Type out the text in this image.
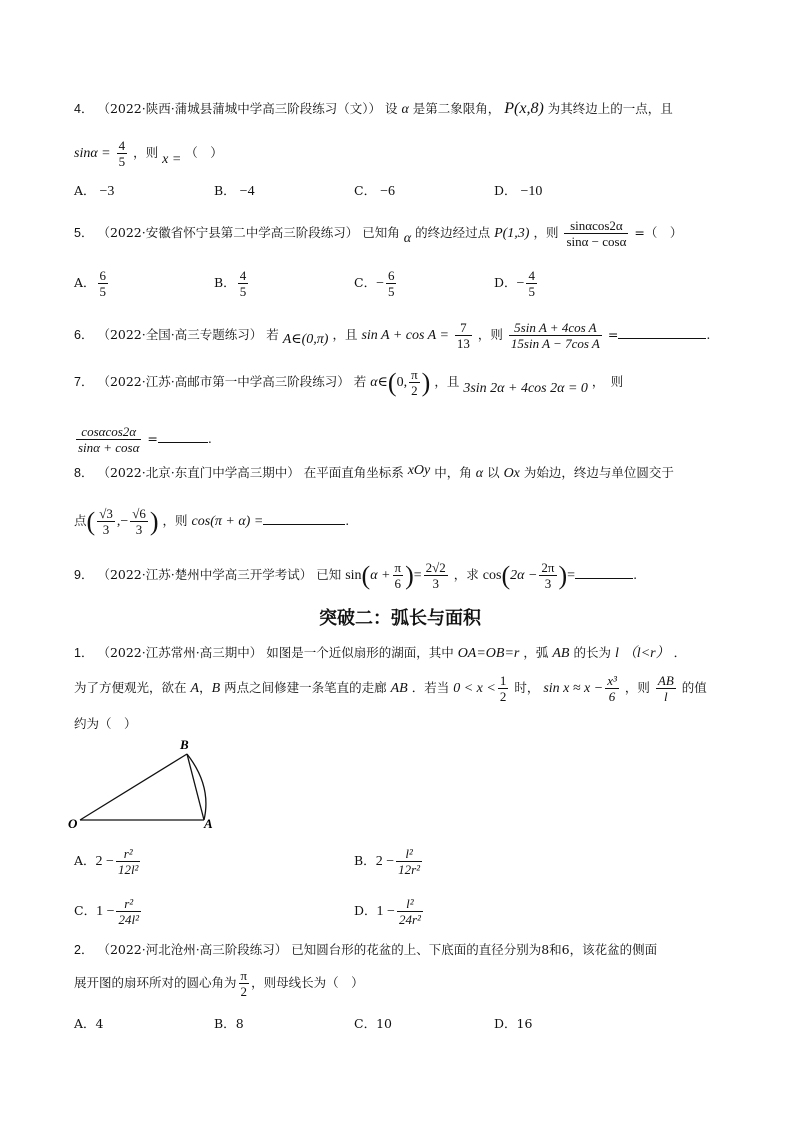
4． （2022·陕西·蒲城县蒲城中学高三阶段练习（文）） 设 α 是第二象限角， P(x,8) 为其终边上的一点，且
$\sin\alpha = \frac{4}{5}$ ，则 x = （　）
A． −3	B． −4	C． −6	D． −10
5． （2022·安徽省怀宁县第二中学高三阶段练习） 已知角 α 的终边经过点 P(1,3) ，则 $\frac{\sin\alpha\cos 2\alpha}{\sin\alpha - \cos\alpha}$ =（　）
A． $\frac{6}{5}$	B． $\frac{4}{5}$	C．− $\frac{6}{5}$	D．− $\frac{4}{5}$
6． （2022·全国·高三专题练习） 若 A∈(0,π) ，且 $\sin A + \cos A = \frac{7}{13}$ ，则 $\frac{\text{5sin A + 4cos A}}{\text{15sin A − 7cos A}}$ =	.
7． （2022·江苏·高邮市第一中学高三阶段练习） 若 α∈(0, $\frac{\pi}{2}$ ) ，且 3sin 2α + 4cos 2α = 0 ，　则
$\frac{\cos\alpha\cos 2\alpha}{\sin\alpha + \cos\alpha}$ =	.
8． （2022·北京·东直门中学高三期中） 在平面直角坐标系 xOy 中，角 α 以 Ox 为始边，终边与单位圆交于
点( $\frac{√3}{3}$ ,− $\frac{√6}{3}$ ) ，则 cos(π + α) =	.
9． （2022·江苏·楚州中学高三开学考试） 已知 $\sin(\alpha + \frac{\pi}{6}$ )= $\frac{2√2}{3}$ ，求 $\cos(2\alpha - \frac{2\pi}{3}$ )=	.
突破二：弧长与面积
1． （2022·江苏常州·高三期中） 如图是一个近似扇形的湖面，其中 OA=OB=r ，弧 AB 的长为 l （l<r） ．
为了方便观光，欲在 A，B 两点之间修建一条笔直的走廊 AB ．若当 $0 < x < \frac{1}{2}$ 时， $\sin x \approx x - \frac{\text{x³}}{6}$ ，则 $\frac{AB}{l}$ 的值
约为（　）
O	A
B
A．$2 - \frac{\text{r²}}{\text{12l²}}$	B．$2 - \frac{\text{l²}}{\text{12r²}}$
C．$1 - \frac{\text{r²}}{\text{24l²}}$	D．$1 - \frac{\text{l²}}{\text{24r²}}$
2． （2022·河北沧州·高三阶段练习） 已知圆台形的花盆的上、下底面的直径分别为8和6，该花盆的侧面
展开图的扇环所对的圆心角为 $\frac{\pi}{2}$ ，则母线长为（　）
A．4	B．8	C．10	D．16
